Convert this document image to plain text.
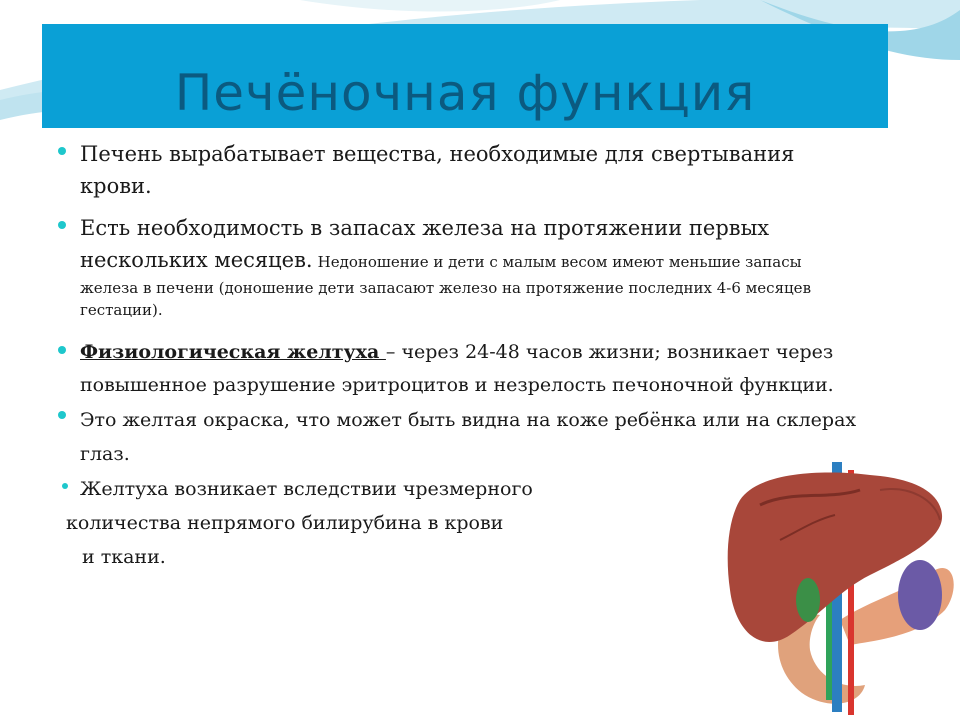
Печёночная функция
Печень вырабатывает вещества, необходимые для свертывания
крови.
Есть необходимость в запасах железа на протяжении первых
нескольких месяцев. Недоношение и дети с малым весом имеют меньшие запасы
железа в печени (доношение дети запасают железо на протяжение последних 4-6 месяцев
гестации).
Физиологическая желтуха – через 24-48 часов жизни; возникает через
повышенное разрушение эритроцитов и незрелость печоночной функции.
Это желтая окраска, что может быть видна на коже ребёнка или на склерах
глаз.
Желтуха возникает вследствии чрезмерного
количества непрямого билирубина в крови
и ткани.
